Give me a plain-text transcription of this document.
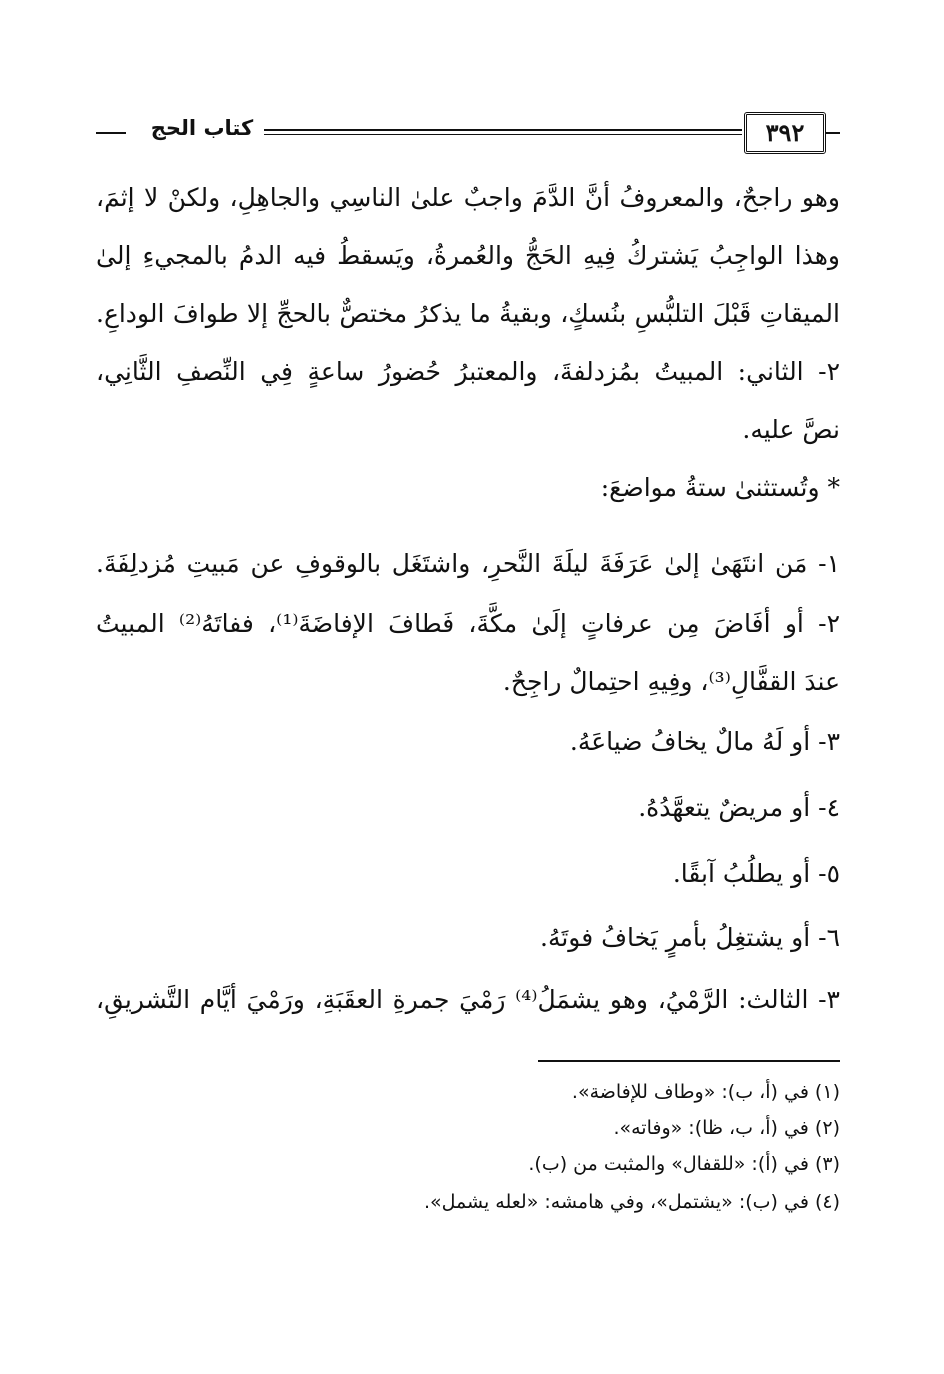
٣٩٢
كتاب الحج
وهو راجحٌ، والمعروفُ أنَّ الدَّمَ واجبٌ علىٰ الناسِي والجاهِلِ، ولكنْ لا إثمَ،
وهذا الواجِبُ يَشتركُ فِيهِ الحَجُّ والعُمرةُ، ويَسقطُ فيه الدمُ بالمجيءِ إلىٰ
الميقاتِ قَبْلَ التلبُّسِ بنُسكٍ، وبقيةُ ما يذكرُ مختصٌّ بالحجِّ إلا طوافَ الوداعِ.
٢- الثاني: المبيتُ بمُزدلفةَ، والمعتبرُ حُضورُ ساعةٍ فِي النِّصفِ الثَّانِي،
نصَّ عليه.
* وتُستثنىٰ ستةُ مواضعَ:
١- مَن انتَهَىٰ إلىٰ عَرَفَةَ ليلَةَ النَّحرِ، واشتَغَل بالوقوفِ عن مَبيتِ مُزدلِفَةَ.
٢- أو أفَاضَ مِن عرفاتٍ إلَىٰ مكَّةَ، فَطافَ الإفاضَةَ⁽¹⁾، ففاتَهُ⁽²⁾ المبيتُ
عندَ القفَّالِ⁽³⁾، وفِيهِ احتِمالٌ راجِحٌ.
٣- أو لَهُ مالٌ يخافُ ضياعَهُ.
٤- أو مريضٌ يتعهَّدُهُ.
٥- أو يطلُبُ آبقًا.
٦- أو يشتغِلُ بأمرٍ يَخافُ فوتَهُ.
٣- الثالث: الرَّمْيُ، وهو يشمَلُ⁽⁴⁾ رَمْيَ جمرةِ العقَبَةِ، ورَمْيَ أيَّام التَّشريقِ،
(١) في (أ، ب): «وطاف للإفاضة».
(٢) في (أ، ب، ظا): «وفاته».
(٣) في (أ): «للقفال» والمثبت من (ب).
(٤) في (ب): «يشتمل»، وفي هامشه: «لعله يشمل».
